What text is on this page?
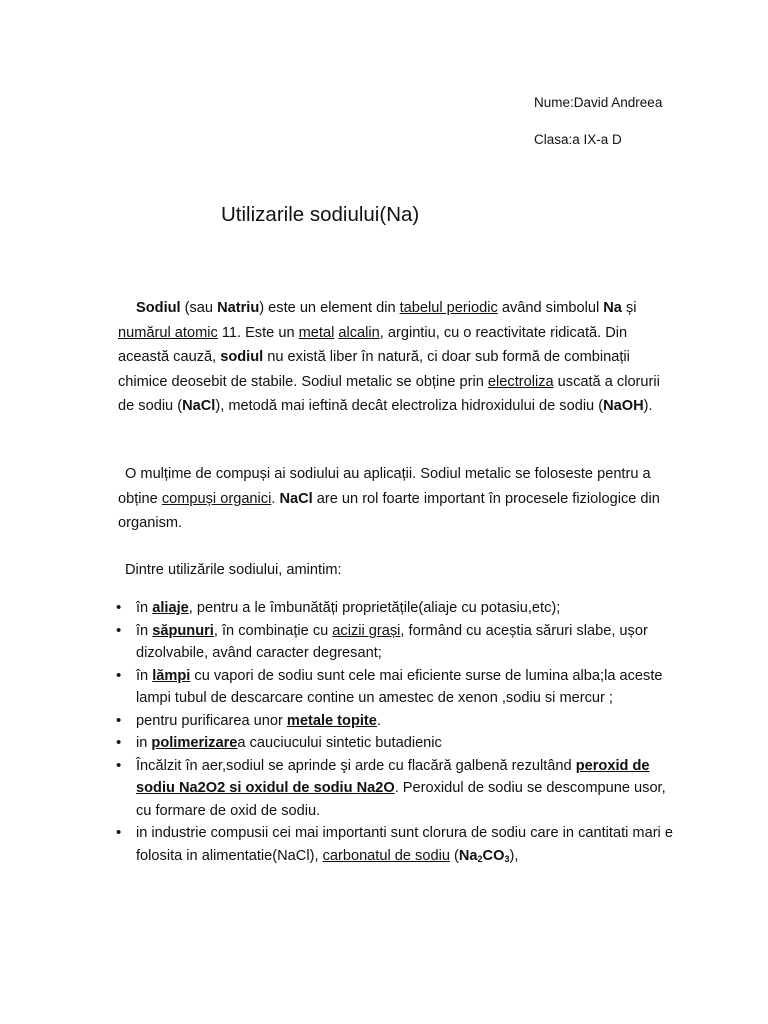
Nume:David Andreea
Clasa:a IX-a D
Utilizarile sodiului(Na)

Sodiul (sau Natriu) este un element din tabelul periodic având simbolul Na și numărul atomic 11. Este un metal alcalin, argintiu, cu o reactivitate ridicată. Din această cauză, sodiul nu există liber în natură, ci doar sub formă de combinații chimice deosebit de stabile. Sodiul metalic se obține prin electroliza uscată a clorurii de sodiu (NaCl), metodă mai ieftină decât electroliza hidroxidului de sodiu (NaOH).

O mulțime de compuși ai sodiului au aplicații. Sodiul metalic se foloseste pentru a obține compuși organici. NaCl are un rol foarte important în procesele fiziologice din organism.

Dintre utilizările sodiului, amintim:

• în aliaje, pentru a le îmbunătăți proprietățile(aliaje cu potasiu,etc);
• în săpunuri, în combinație cu acizii grași, formând cu aceștia săruri slabe, ușor dizolvabile, având caracter degresant;
• în lămpi cu vapori de sodiu sunt cele mai eficiente surse de lumina alba;la aceste lampi tubul de descarcare contine un amestec de xenon ,sodiu si mercur ;
• pentru purificarea unor metale topite.
• in polimerizarea cauciucului sintetic butadienic
• Încălzit în aer,sodiul se aprinde şi arde cu flacără galbenă rezultând peroxid de sodiu Na2O2 si oxidul de sodiu Na2O. Peroxidul de sodiu se descompune usor, cu formare de oxid de sodiu.
• in industrie compusii cei mai importanti sunt clorura de sodiu care in cantitati mari e folosita in alimentatie(NaCl), carbonatul de sodiu $(Na_2CO_3)$,
